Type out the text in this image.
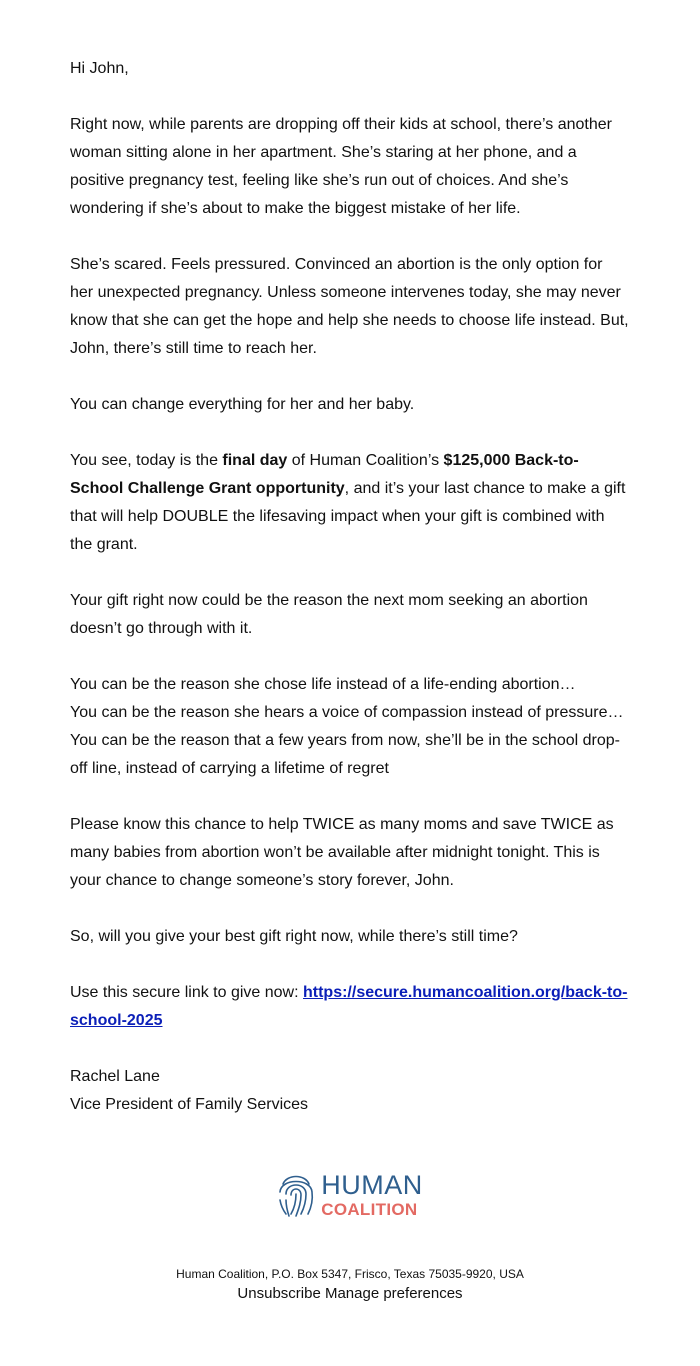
Hi John,

Right now, while parents are dropping off their kids at school, there’s another woman sitting alone in her apartment. She’s staring at her phone, and a positive pregnancy test, feeling like she’s run out of choices. And she’s wondering if she’s about to make the biggest mistake of her life.

She’s scared. Feels pressured. Convinced an abortion is the only option for her unexpected pregnancy. Unless someone intervenes today, she may never know that she can get the hope and help she needs to choose life instead. But, John, there’s still time to reach her.

You can change everything for her and her baby.

You see, today is the final day of Human Coalition’s $125,000 Back-to-School Challenge Grant opportunity, and it’s your last chance to make a gift that will help DOUBLE the lifesaving impact when your gift is combined with the grant.

Your gift right now could be the reason the next mom seeking an abortion doesn’t go through with it.

You can be the reason she chose life instead of a life-ending abortion…
You can be the reason she hears a voice of compassion instead of pressure…
You can be the reason that a few years from now, she’ll be in the school drop-off line, instead of carrying a lifetime of regret

Please know this chance to help TWICE as many moms and save TWICE as many babies from abortion won’t be available after midnight tonight. This is your chance to change someone’s story forever, John.

So, will you give your best gift right now, while there’s still time?

Use this secure link to give now: https://secure.humancoalition.org/back-to-school-2025

Rachel Lane
Vice President of Family Services

HUMAN
COALITION
Human Coalition, P.O. Box 5347, Frisco, Texas 75035-9920, USA
Unsubscribe Manage preferences
